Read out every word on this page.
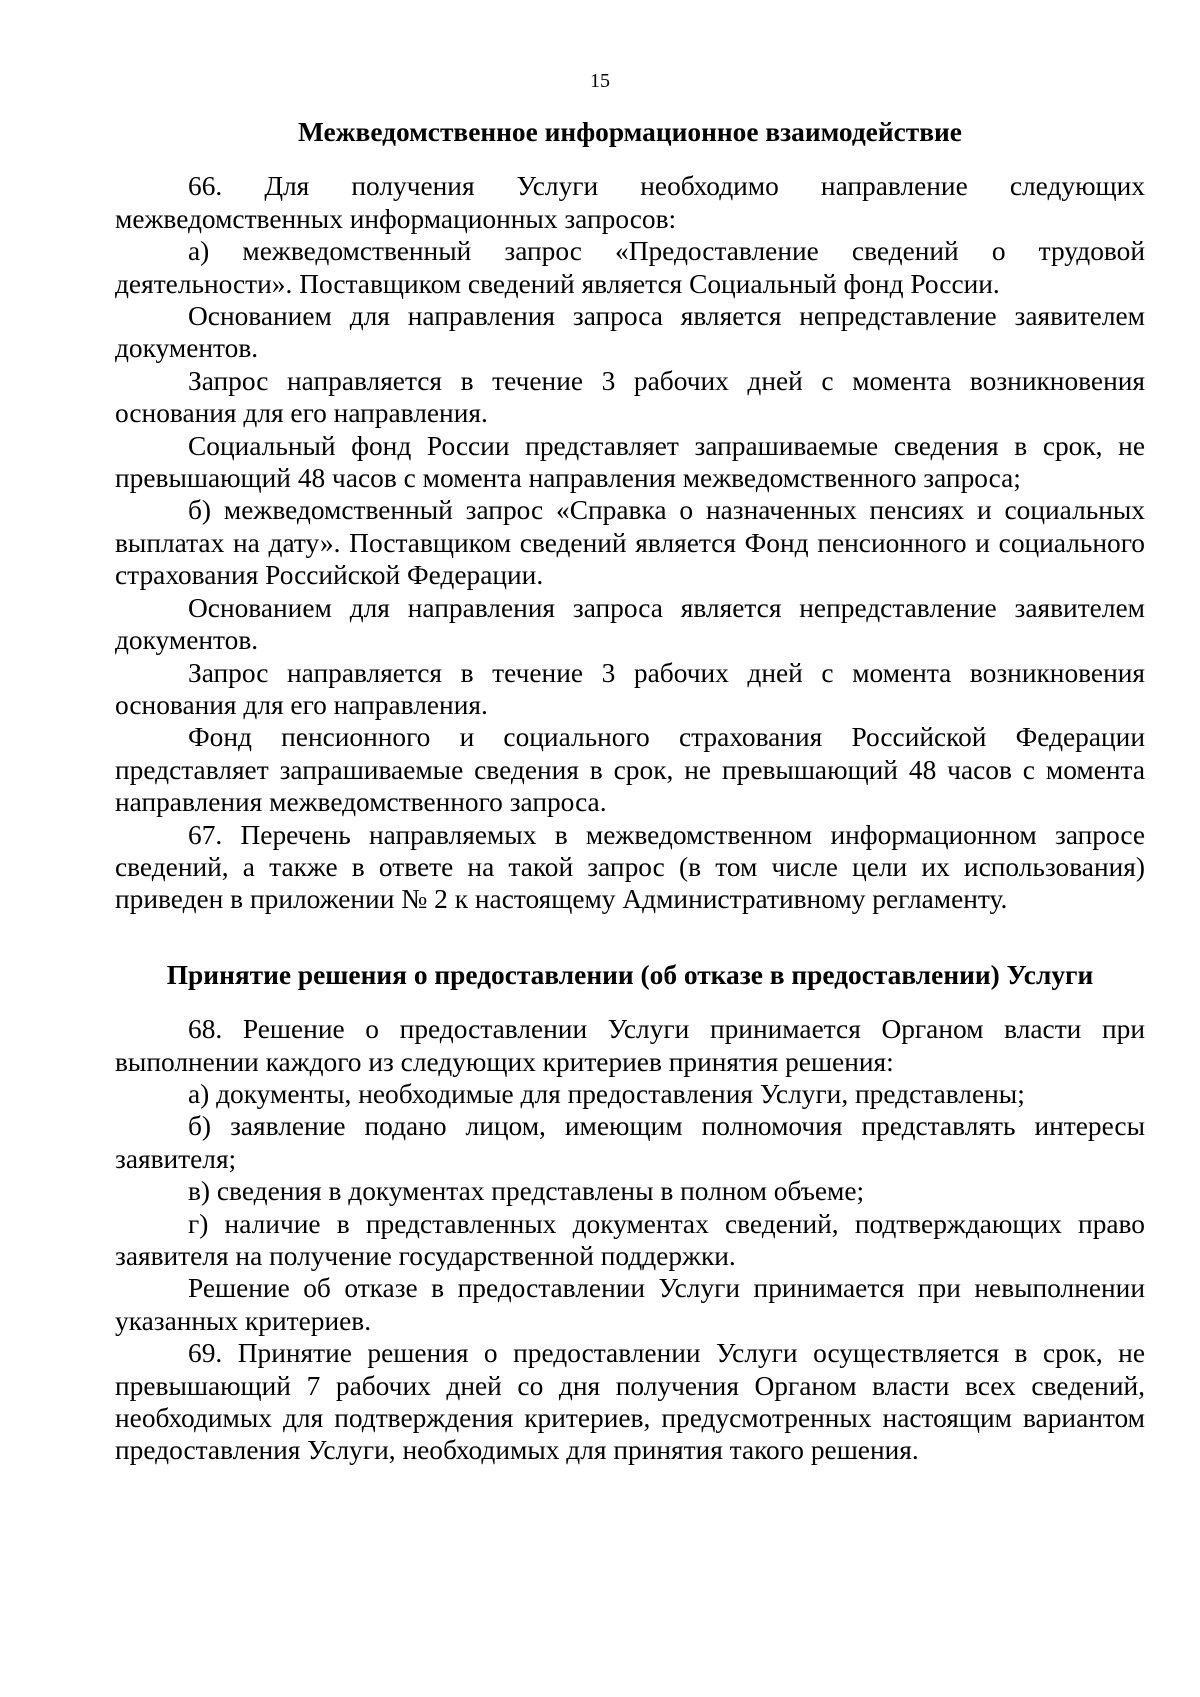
15

Межведомственное информационное взаимодействие

66. Для получения Услуги необходимо направление следующих межведомственных информационных запросов:

а) межведомственный запрос «Предоставление сведений о трудовой деятельности». Поставщиком сведений является Социальный фонд России.

Основанием для направления запроса является непредставление заявителем документов.

Запрос направляется в течение 3 рабочих дней с момента возникновения основания для его направления.

Социальный фонд России представляет запрашиваемые сведения в срок, не превышающий 48 часов с момента направления межведомственного запроса;

б) межведомственный запрос «Справка о назначенных пенсиях и социальных выплатах на дату». Поставщиком сведений является Фонд пенсионного и социального страхования Российской Федерации.

Основанием для направления запроса является непредставление заявителем документов.

Запрос направляется в течение 3 рабочих дней с момента возникновения основания для его направления.

Фонд пенсионного и социального страхования Российской Федерации представляет запрашиваемые сведения в срок, не превышающий 48 часов с момента направления межведомственного запроса.

67. Перечень направляемых в межведомственном информационном запросе сведений, а также в ответе на такой запрос (в том числе цели их использования) приведен в приложении № 2 к настоящему Административному регламенту.

Принятие решения о предоставлении (об отказе в предоставлении) Услуги

68. Решение о предоставлении Услуги принимается Органом власти при выполнении каждого из следующих критериев принятия решения:

а) документы, необходимые для предоставления Услуги, представлены;

б) заявление подано лицом, имеющим полномочия представлять интересы заявителя;

в) сведения в документах представлены в полном объеме;

г) наличие в представленных документах сведений, подтверждающих право заявителя на получение государственной поддержки.

Решение об отказе в предоставлении Услуги принимается при невыполнении указанных критериев.

69. Принятие решения о предоставлении Услуги осуществляется в срок, не превышающий 7 рабочих дней со дня получения Органом власти всех сведений, необходимых для подтверждения критериев, предусмотренных настоящим вариантом предоставления Услуги, необходимых для принятия такого решения.
